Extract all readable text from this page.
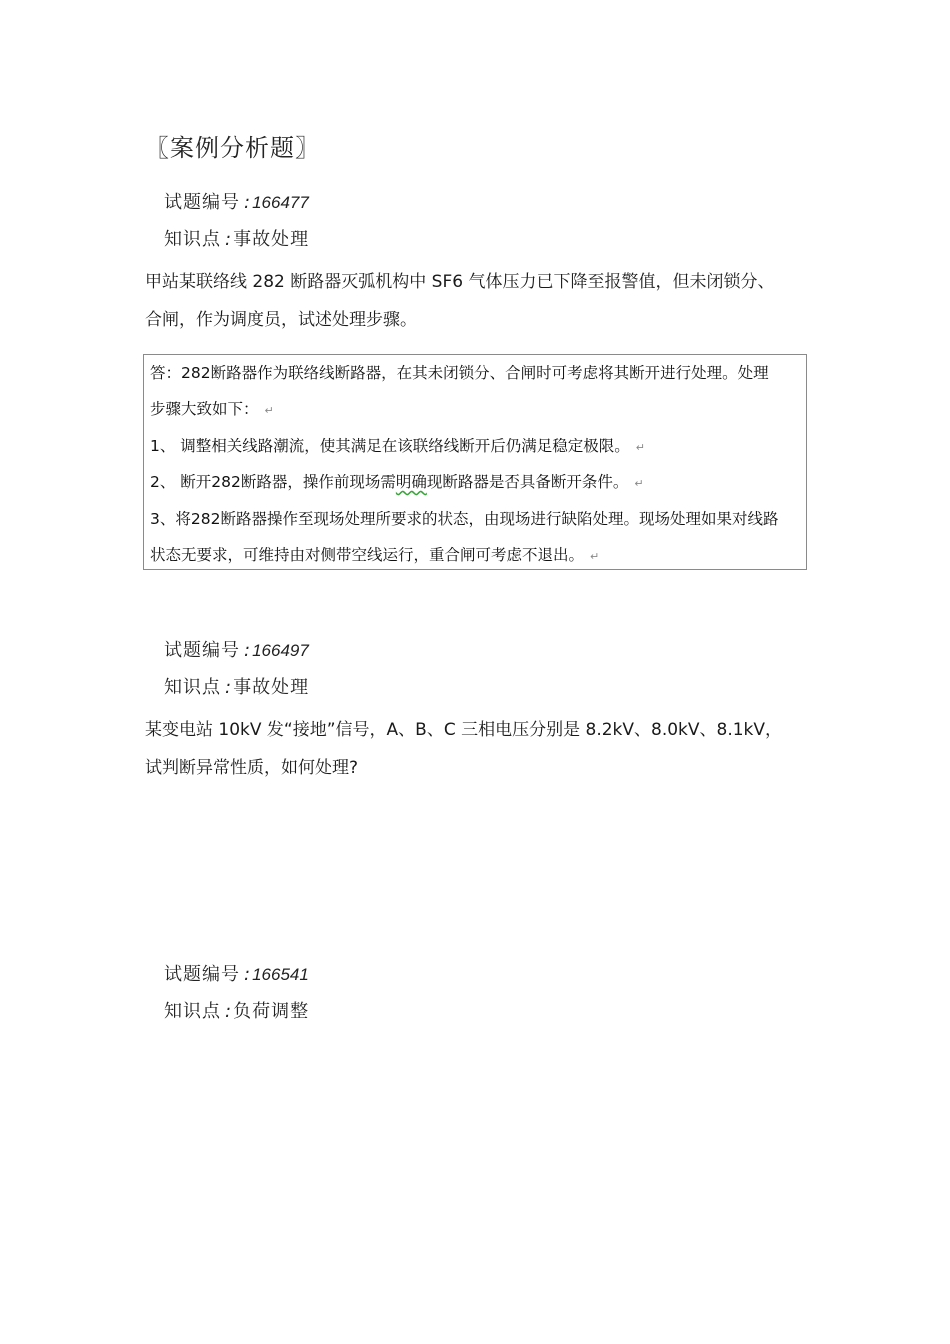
〖案例分析题〗
试题编号 : 166477
知识点 : 事故处理
甲站某联络线 282 断路器灭弧机构中 SF6 气体压力已下降至报警值，但未闭锁分、
合闸，作为调度员，试述处理步骤。
答：282断路器作为联络线断路器，在其未闭锁分、合闸时可考虑将其断开进行处理。处理
步骤大致如下： ↵
1、 调整相关线路潮流，使其满足在该联络线断开后仍满足稳定极限。 ↵
2、 断开282断路器，操作前现场需明确现断路器是否具备断开条件。 ↵
3、将282断路器操作至现场处理所要求的状态，由现场进行缺陷处理。现场处理如果对线路
状态无要求，可维持由对侧带空线运行，重合闸可考虑不退出。 ↵
试题编号 : 166497
知识点 : 事故处理
某变电站 10kV 发“接地”信号，A、B、C 三相电压分别是 8.2kV、8.0kV、8.1kV，
试判断异常性质，如何处理?
试题编号 : 166541
知识点 : 负荷调整
